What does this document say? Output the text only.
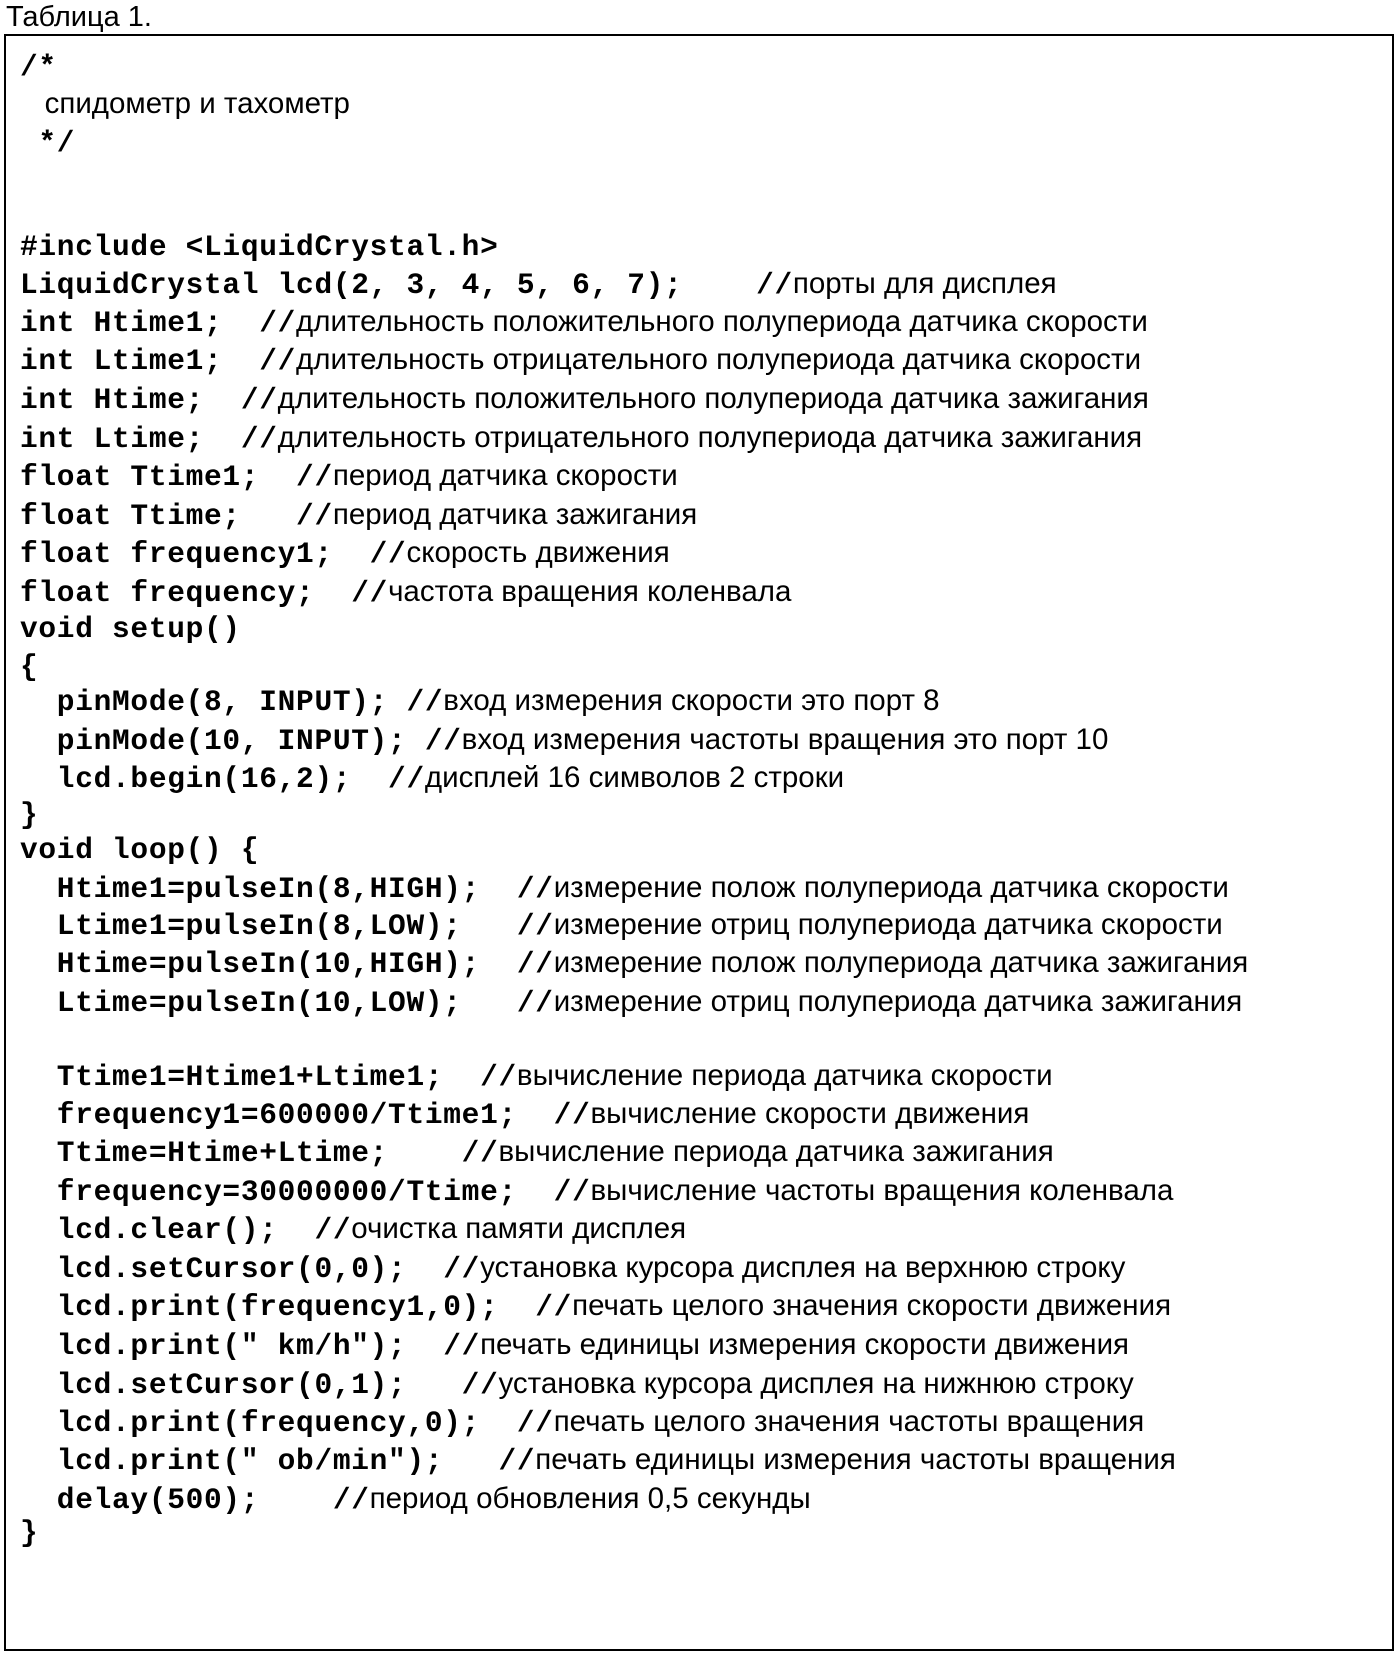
Таблица 1.
/*
спидометр и тахометр
*/
#include <LiquidCrystal.h>
LiquidCrystal lcd(2, 3, 4, 5, 6, 7);    //порты для дисплея
int Htime1;  //длительность положительного полупериода датчика скорости
int Ltime1;  //длительность отрицательного полупериода датчика скорости
int Htime;  //длительность положительного полупериода датчика зажигания
int Ltime;  //длительность отрицательного полупериода датчика зажигания
float Ttime1;  //период датчика скорости
float Ttime;   //период датчика зажигания
float frequency1;  //скорость движения
float frequency;  //частота вращения коленвала
void setup()
{
pinMode(8, INPUT); //вход измерения скорости это порт 8
pinMode(10, INPUT); //вход измерения частоты вращения это порт 10
lcd.begin(16,2);  //дисплей 16 символов 2 строки
}
void loop() {
Htime1=pulseIn(8,HIGH);  //измерение полож полупериода датчика скорости
Ltime1=pulseIn(8,LOW);   //измерение отриц полупериода датчика скорости
Htime=pulseIn(10,HIGH);  //измерение полож полупериода датчика зажигания
Ltime=pulseIn(10,LOW);   //измерение отриц полупериода датчика зажигания
Ttime1=Htime1+Ltime1;  //вычисление периода датчика скорости
frequency1=600000/Ttime1;  //вычисление скорости движения
Ttime=Htime+Ltime;    //вычисление периода датчика зажигания
frequency=30000000/Ttime;  //вычисление частоты вращения коленвала
lcd.clear();  //очистка памяти дисплея
lcd.setCursor(0,0);  //установка курсора дисплея на верхнюю строку
lcd.print(frequency1,0);  //печать целого значения скорости движения
lcd.print(" km/h");  //печать единицы измерения скорости движения
lcd.setCursor(0,1);   //установка курсора дисплея на нижнюю строку
lcd.print(frequency,0);  //печать целого значения частоты вращения
lcd.print(" ob/min");   //печать единицы измерения частоты вращения
delay(500);    //период обновления 0,5 секунды
}
